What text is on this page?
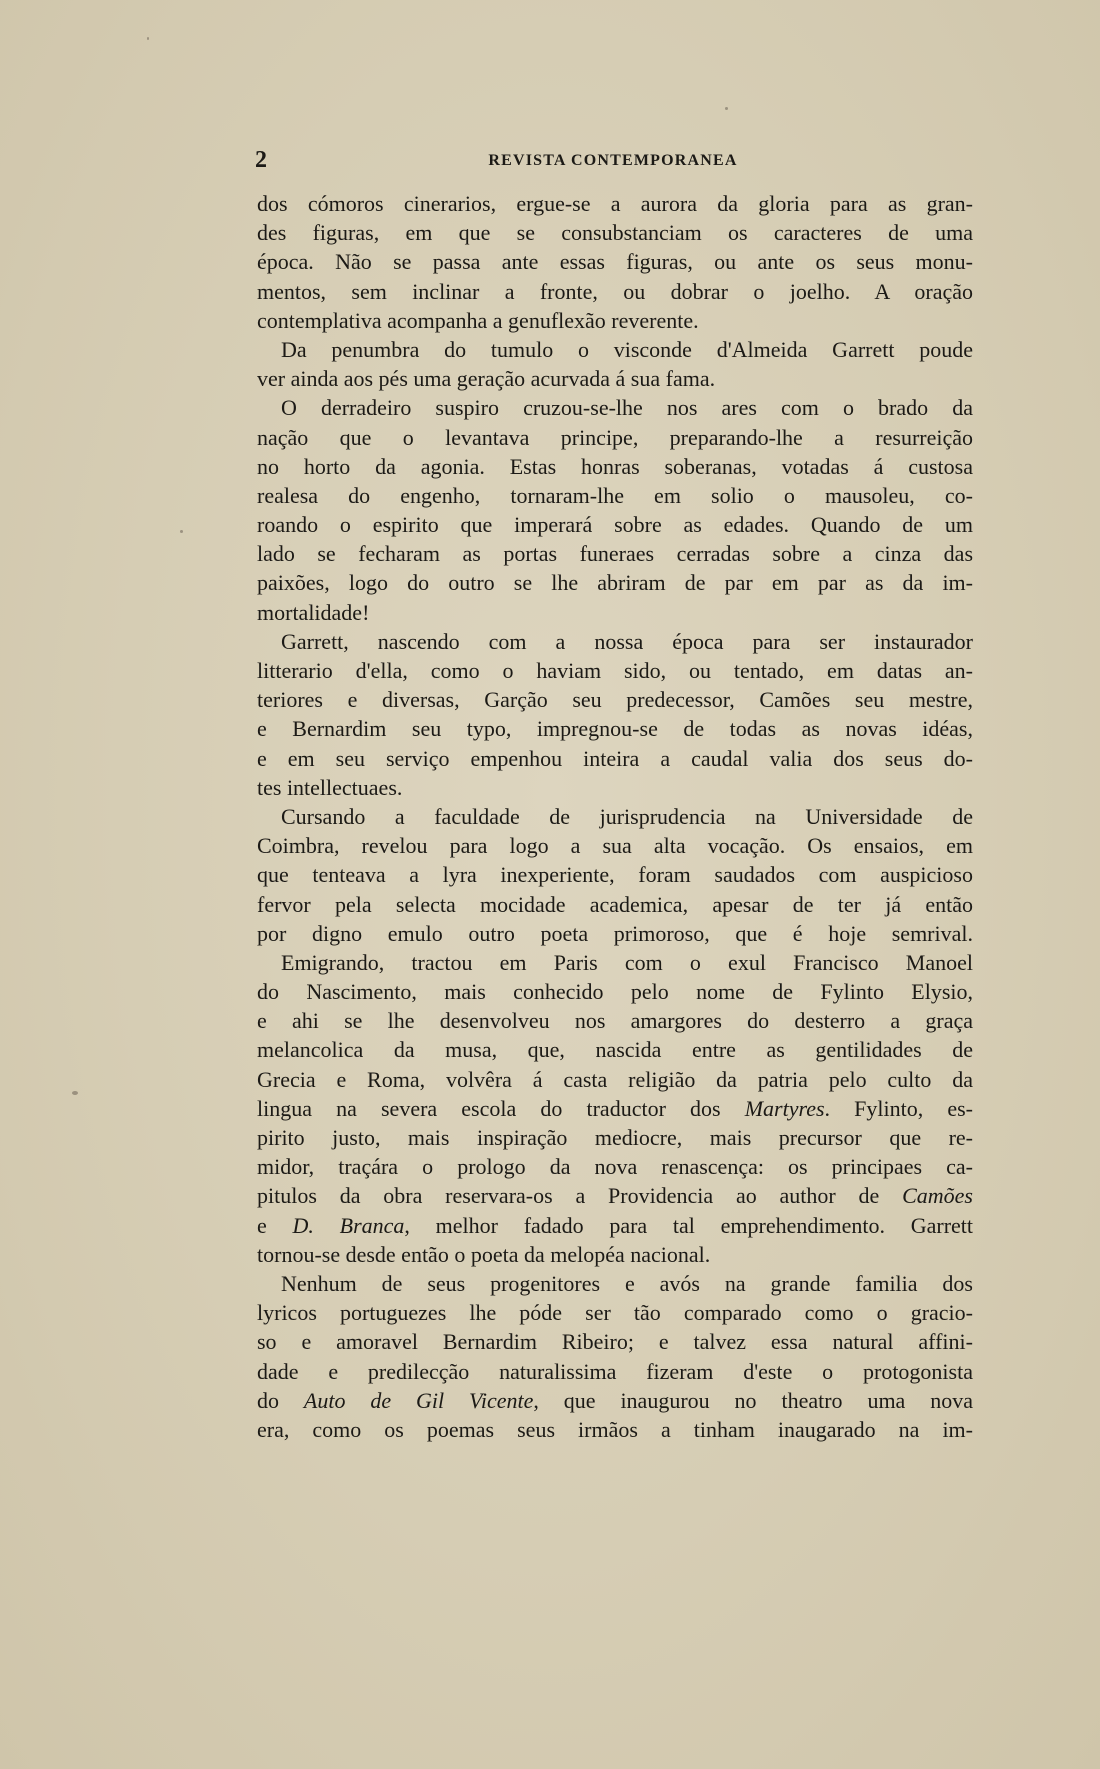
2	REVISTA CONTEMPORANEA
dos cómoros cinerarios, ergue-se a aurora da gloria para as gran-
des figuras, em que se consubstanciam os caracteres de uma
época. Não se passa ante essas figuras, ou ante os seus monu-
mentos, sem inclinar a fronte, ou dobrar o joelho. A oração
contemplativa acompanha a genuflexão reverente.
Da penumbra do tumulo o visconde d'Almeida Garrett poude
ver ainda aos pés uma geração acurvada á sua fama.
O derradeiro suspiro cruzou-se-lhe nos ares com o brado da
nação que o levantava principe, preparando-lhe a resurreição
no horto da agonia. Estas honras soberanas, votadas á custosa
realesa do engenho, tornaram-lhe em solio o mausoleu, co-
roando o espirito que imperará sobre as edades. Quando de um
lado se fecharam as portas funeraes cerradas sobre a cinza das
paixões, logo do outro se lhe abriram de par em par as da im-
mortalidade!
Garrett, nascendo com a nossa época para ser instaurador
litterario d'ella, como o haviam sido, ou tentado, em datas an-
teriores e diversas, Garção seu predecessor, Camões seu mestre,
e Bernardim seu typo, impregnou-se de todas as novas idéas,
e em seu serviço empenhou inteira a caudal valia dos seus do-
tes intellectuaes.
Cursando a faculdade de jurisprudencia na Universidade de
Coimbra, revelou para logo a sua alta vocação. Os ensaios, em
que tenteava a lyra inexperiente, foram saudados com auspicioso
fervor pela selecta mocidade academica, apesar de ter já então
por digno emulo outro poeta primoroso, que é hoje semrival.
Emigrando, tractou em Paris com o exul Francisco Manoel
do Nascimento, mais conhecido pelo nome de Fylinto Elysio,
e ahi se lhe desenvolveu nos amargores do desterro a graça
melancolica da musa, que, nascida entre as gentilidades de
Grecia e Roma, volvêra á casta religião da patria pelo culto da
lingua na severa escola do traductor dos Martyres. Fylinto, es-
pirito justo, mais inspiração mediocre, mais precursor que re-
midor, traçára o prologo da nova renascença: os principaes ca-
pitulos da obra reservara-os a Providencia ao author de Camões
e D. Branca, melhor fadado para tal emprehendimento. Garrett
tornou-se desde então o poeta da melopéa nacional.
Nenhum de seus progenitores e avós na grande familia dos
lyricos portuguezes lhe póde ser tão comparado como o gracio-
so e amoravel Bernardim Ribeiro; e talvez essa natural affini-
dade e predilecção naturalissima fizeram d'este o protogonista
do Auto de Gil Vicente, que inaugurou no theatro uma nova
era, como os poemas seus irmãos a tinham inaugarado na im-
